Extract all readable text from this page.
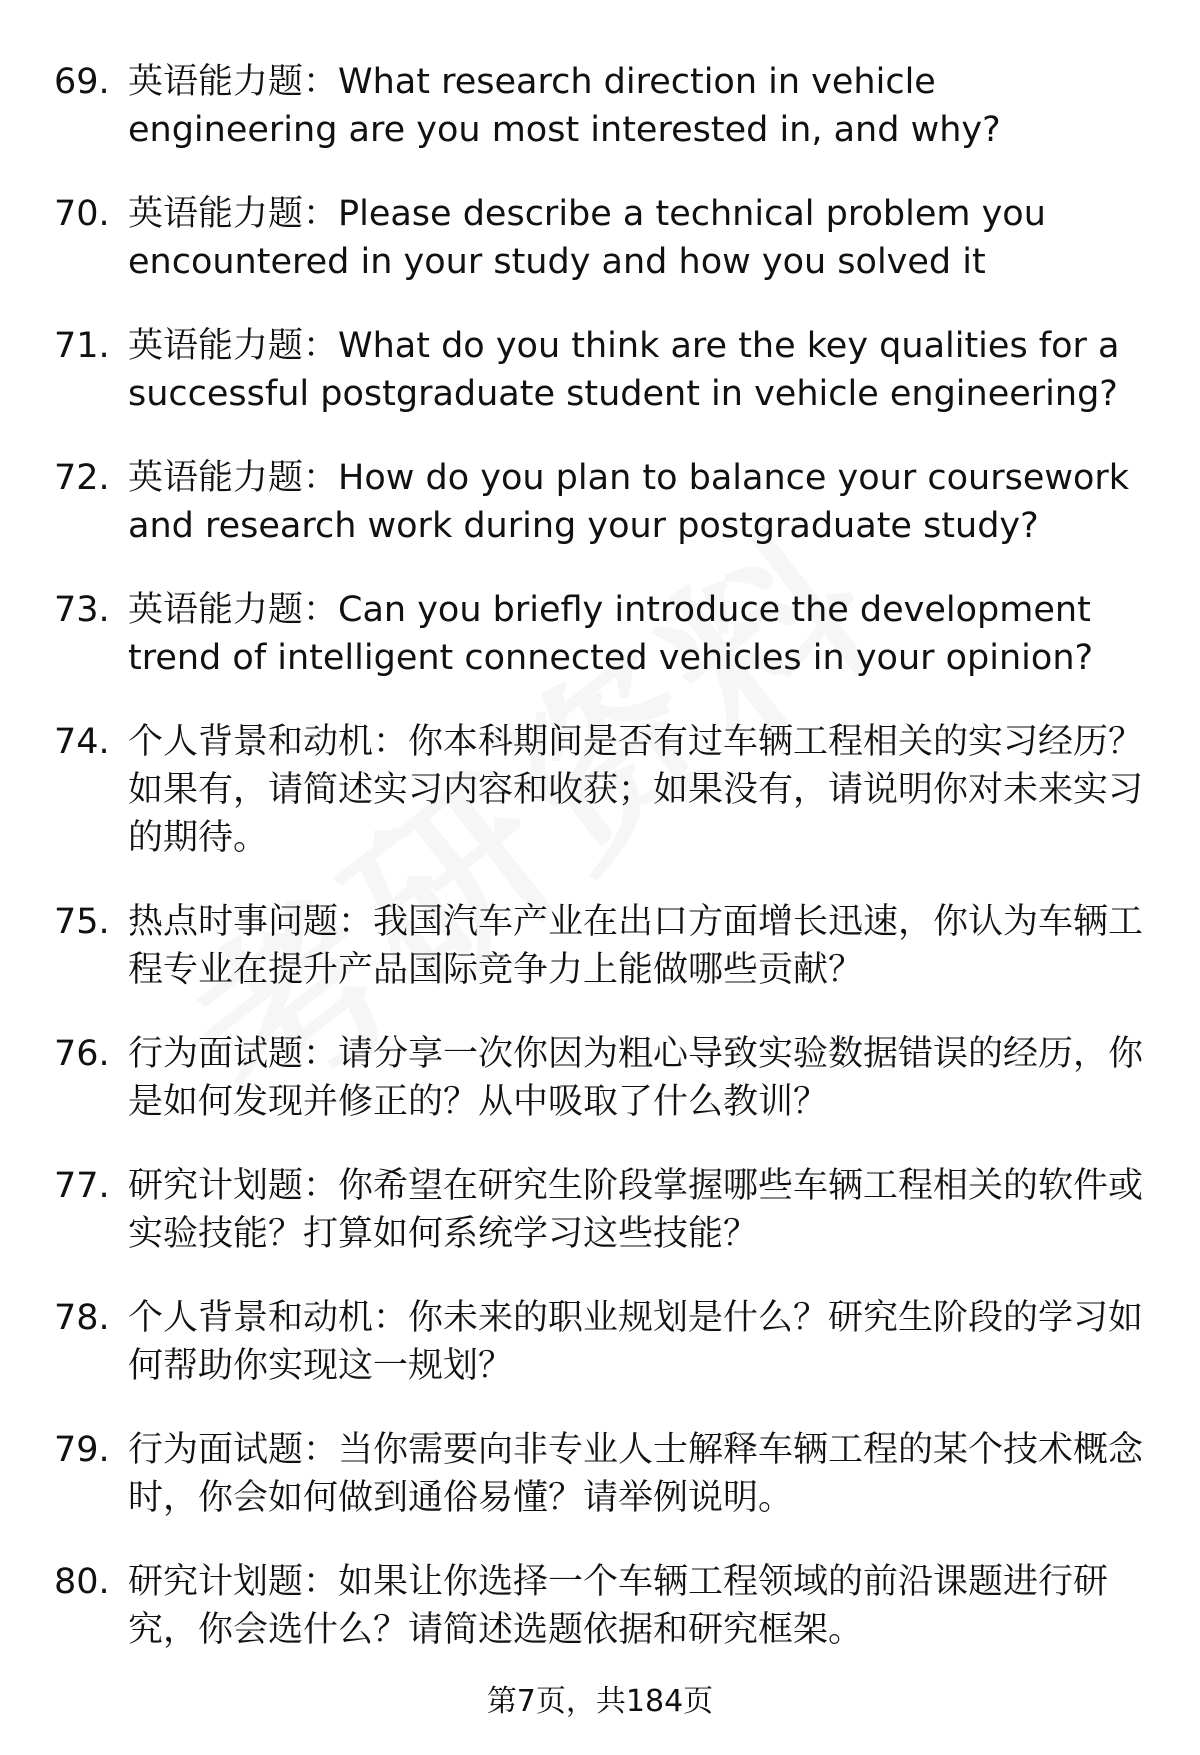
69. 英语能力题：What research direction in vehicle engineering are you most interested in, and why?
70. 英语能力题：Please describe a technical problem you encountered in your study and how you solved it
71. 英语能力题：What do you think are the key qualities for a successful postgraduate student in vehicle engineering?
72. 英语能力题：How do you plan to balance your coursework and research work during your postgraduate study?
73. 英语能力题：Can you briefly introduce the development trend of intelligent connected vehicles in your opinion?
74. 个人背景和动机：你本科期间是否有过车辆工程相关的实习经历？如果有，请简述实习内容和收获；如果没有，请说明你对未来实习的期待。
75. 热点时事问题：我国汽车产业在出口方面增长迅速，你认为车辆工程专业在提升产品国际竞争力上能做哪些贡献？
76. 行为面试题：请分享一次你因为粗心导致实验数据错误的经历，你是如何发现并修正的？从中吸取了什么教训？
77. 研究计划题：你希望在研究生阶段掌握哪些车辆工程相关的软件或实验技能？打算如何系统学习这些技能？
78. 个人背景和动机：你未来的职业规划是什么？研究生阶段的学习如何帮助你实现这一规划？
79. 行为面试题：当你需要向非专业人士解释车辆工程的某个技术概念时，你会如何做到通俗易懂？请举例说明。
80. 研究计划题：如果让你选择一个车辆工程领域的前沿课题进行研究，你会选什么？请简述选题依据和研究框架。
第7页，共184页
